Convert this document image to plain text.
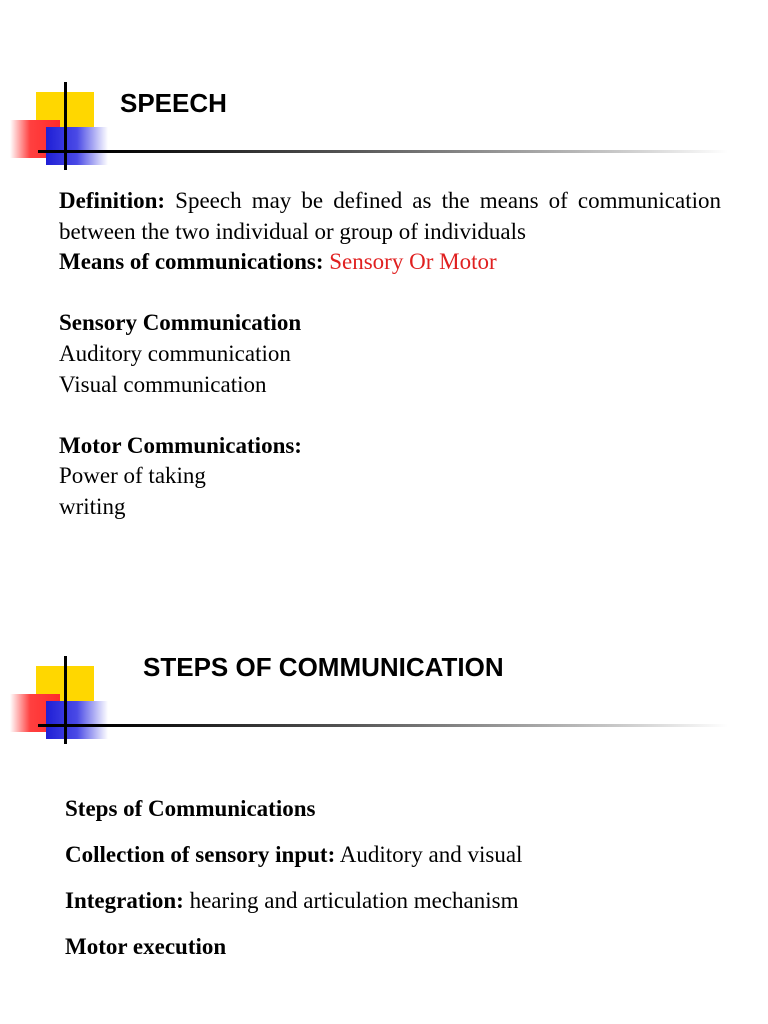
SPEECH

Definition: Speech may be defined as the means of communication between the two individual or group of individuals

Means of communications: Sensory Or Motor

Sensory Communication

Auditory communication

Visual communication

Motor Communications:

Power of taking

writing

STEPS OF COMMUNICATION

Steps of Communications

Collection of sensory input: Auditory and visual

Integration: hearing and articulation mechanism

Motor execution
